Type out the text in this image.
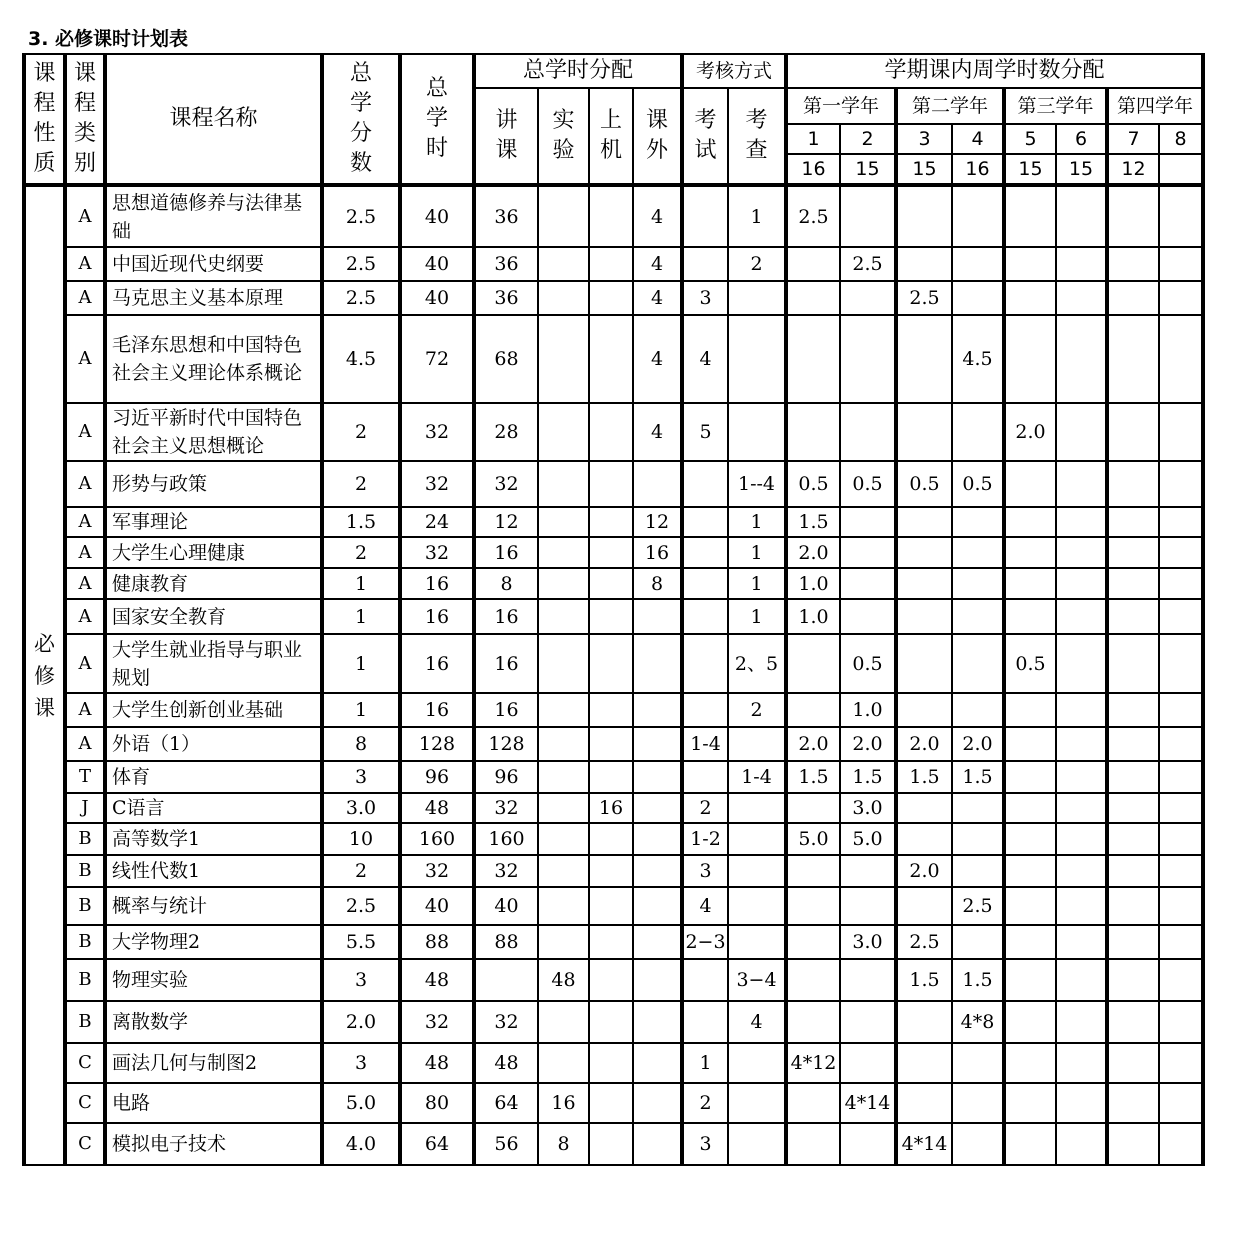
3. 必修课时计划表
课
程
性
质	课
程
类
别	课程名称	总
学
分
数	总
学
时	总学时分配				考核方式		学期课内周学时数分配							

					讲
课	实
验	上
机	课
外	考
试	考
查	第一学年		第二学年		第三学年		第四学年	
											1	2	3	4	5	6	7	8
											16	15	15	16	15	15	12	

必
修
课	A	思想道德修养与法律基础	2.5	40	36			4		1	2.5							
	A	中国近现代史纲要	2.5	40	36			4		2		2.5						
	A	马克思主义基本原理	2.5	40	36			4	3				2.5					
	A	毛泽东思想和中国特色社会主义理论体系概论	4.5	72	68			4	4					4.5				
	A	习近平新时代中国特色社会主义思想概论	2	32	28			4	5						2.0			
	A	形势与政策	2	32	32					1--4	0.5	0.5	0.5	0.5				
	A	军事理论	1.5	24	12			12		1	1.5							
	A	大学生心理健康	2	32	16			16		1	2.0							
	A	健康教育	1	16	8			8		1	1.0							
	A	国家安全教育	1	16	16					1	1.0							
	A	大学生就业指导与职业规划	1	16	16					2、5		0.5			0.5			
	A	大学生创新创业基础	1	16	16					2		1.0						
	A	外语（1）	8	128	128				1-4		2.0	2.0	2.0	2.0				
	T	体育	3	96	96					1-4	1.5	1.5	1.5	1.5				
	J	C语言	3.0	48	32		16		2			3.0						
	B	高等数学1	10	160	160				1-2		5.0	5.0						
	B	线性代数1	2	32	32				3				2.0					
	B	概率与统计	2.5	40	40				4					2.5				
	B	大学物理2	5.5	88	88				2−3			3.0	2.5					
	B	物理实验	3	48		48				3−4			1.5	1.5				
	B	离散数学	2.0	32	32					4				4*8				
	C	画法几何与制图2	3	48	48				1		4*12							
	C	电路	5.0	80	64	16			2			4*14						
	C	模拟电子技术	4.0	64	56	8			3				4*14					
